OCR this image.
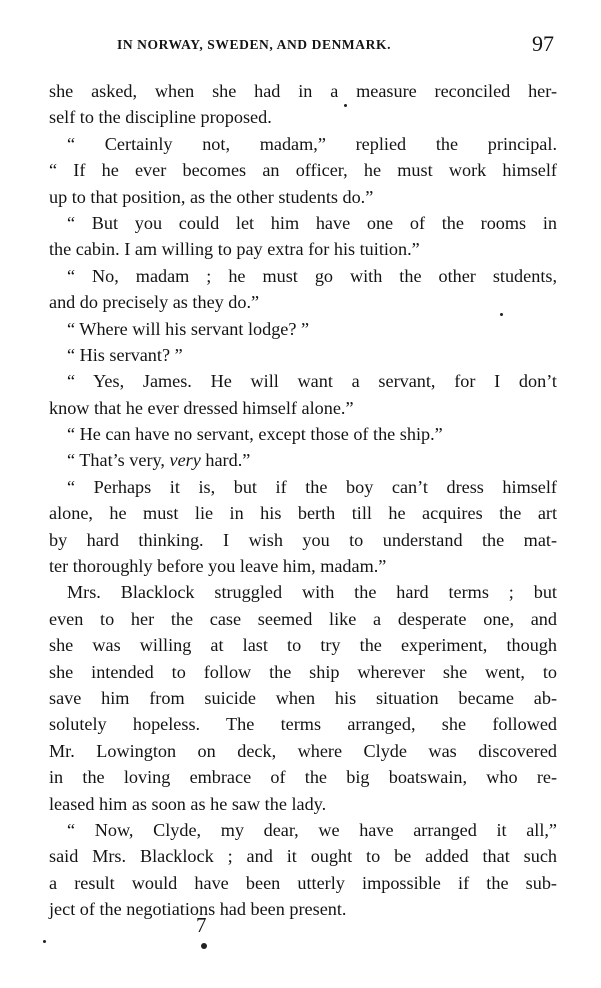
IN NORWAY, SWEDEN, AND DENMARK.	97
she asked, when she had in a measure reconciled her-
self to the discipline proposed.
“ Certainly not, madam,” replied the principal.
“ If he ever becomes an officer, he must work himself
up to that position, as the other students do.”
“ But you could let him have one of the rooms in
the cabin. I am willing to pay extra for his tuition.”
“ No, madam ; he must go with the other students,
and do precisely as they do.”
“ Where will his servant lodge? ”
“ His servant? ”
“ Yes, James. He will want a servant, for I don’t
know that he ever dressed himself alone.”
“ He can have no servant, except those of the ship.”
“ That’s very, very hard.”
“ Perhaps it is, but if the boy can’t dress himself
alone, he must lie in his berth till he acquires the art
by hard thinking. I wish you to understand the mat-
ter thoroughly before you leave him, madam.”
Mrs. Blacklock struggled with the hard terms ; but
even to her the case seemed like a desperate one, and
she was willing at last to try the experiment, though
she intended to follow the ship wherever she went, to
save him from suicide when his situation became ab-
solutely hopeless. The terms arranged, she followed
Mr. Lowington on deck, where Clyde was discovered
in the loving embrace of the big boatswain, who re-
leased him as soon as he saw the lady.
“ Now, Clyde, my dear, we have arranged it all,”
said Mrs. Blacklock ; and it ought to be added that such
a result would have been utterly impossible if the sub-
ject of the negotiations had been present.
7
